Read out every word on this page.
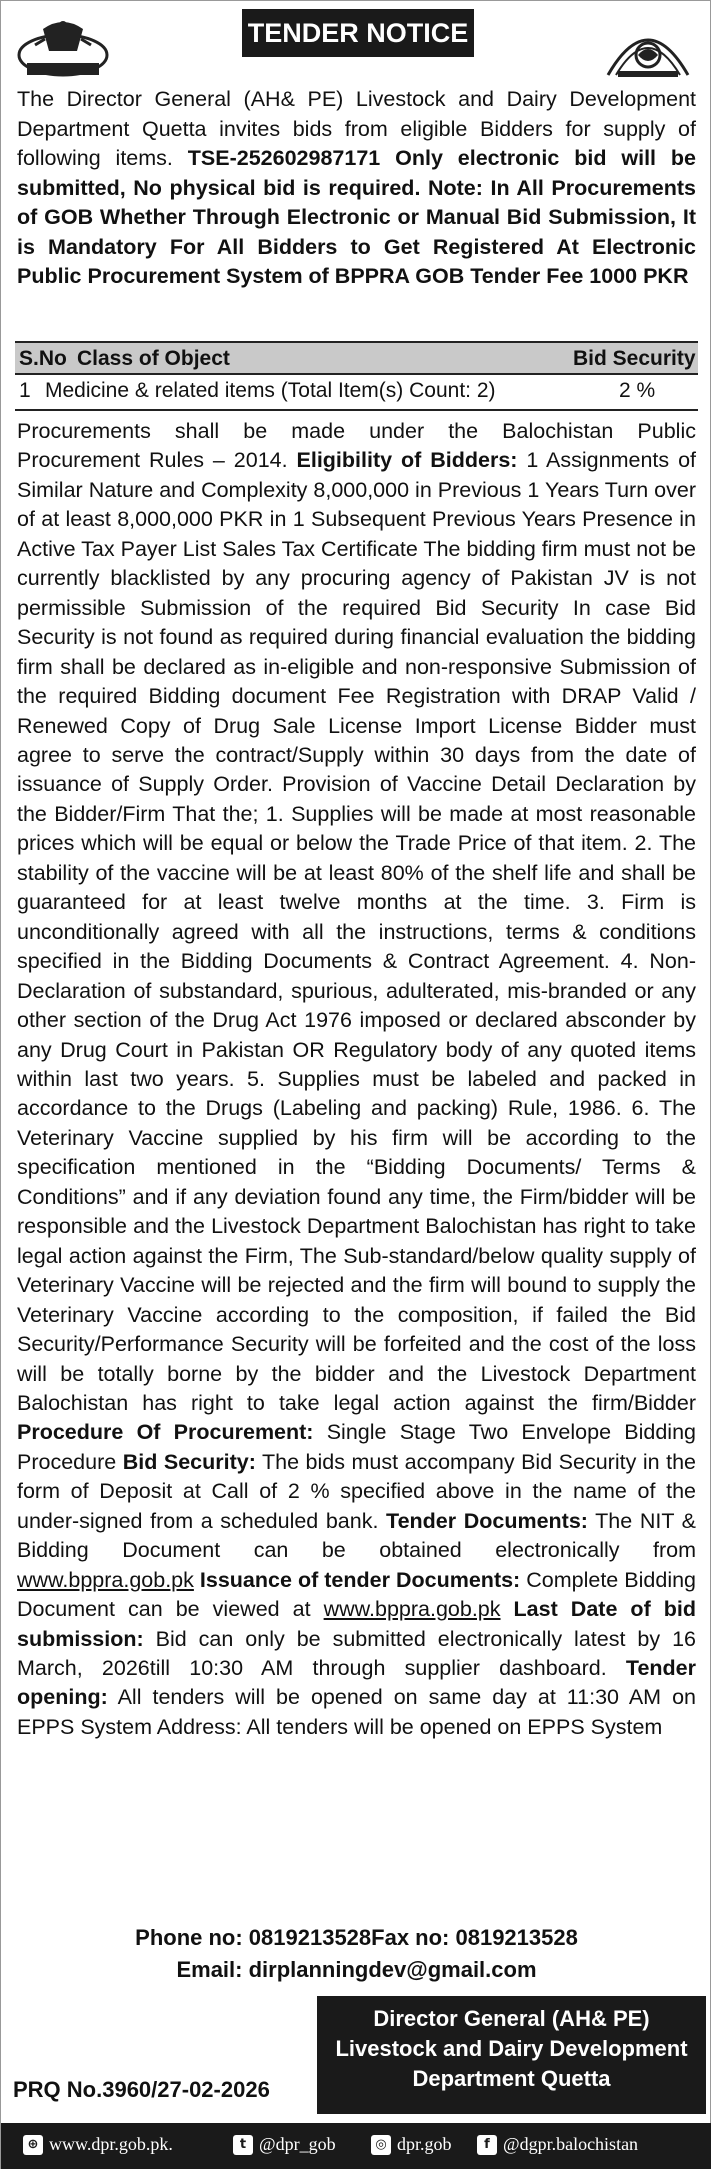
TENDER NOTICE

The Director General (AH& PE) Livestock and Dairy Development Department Quetta invites bids from eligible Bidders for supply of following items. TSE-252602987171 Only electronic bid will be submitted, No physical bid is required. Note: In All Procurements of GOB Whether Through Electronic or Manual Bid Submission, It is Mandatory For All Bidders to Get Registered At Electronic Public Procurement System of BPPRA GOB Tender Fee 1000 PKR

S.No Class of Object	Bid Security
1 Medicine & related items (Total Item(s) Count: 2)	2 %

Procurements shall be made under the Balochistan Public Procurement Rules – 2014. Eligibility of Bidders: 1 Assignments of Similar Nature and Complexity 8,000,000 in Previous 1 Years Turn over of at least 8,000,000 PKR in 1 Subsequent Previous Years Presence in Active Tax Payer List Sales Tax Certificate The bidding firm must not be currently blacklisted by any procuring agency of Pakistan JV is not permissible Submission of the required Bid Security In case Bid Security is not found as required during financial evaluation the bidding firm shall be declared as in-eligible and non-responsive Submission of the required Bidding document Fee Registration with DRAP Valid / Renewed Copy of Drug Sale License Import License Bidder must agree to serve the contract/Supply within 30 days from the date of issuance of Supply Order. Provision of Vaccine Detail Declaration by the Bidder/Firm That the; 1. Supplies will be made at most reasonable prices which will be equal or below the Trade Price of that item. 2. The stability of the vaccine will be at least 80% of the shelf life and shall be guaranteed for at least twelve months at the time. 3. Firm is unconditionally agreed with all the instructions, terms & conditions specified in the Bidding Documents & Contract Agreement. 4. Non-Declaration of substandard, spurious, adulterated, mis-branded or any other section of the Drug Act 1976 imposed or declared absconder by any Drug Court in Pakistan OR Regulatory body of any quoted items within last two years. 5. Supplies must be labeled and packed in accordance to the Drugs (Labeling and packing) Rule, 1986. 6. The Veterinary Vaccine supplied by his firm will be according to the specification mentioned in the “Bidding Documents/ Terms & Conditions” and if any deviation found any time, the Firm/bidder will be responsible and the Livestock Department Balochistan has right to take legal action against the Firm, The Sub-standard/below quality supply of Veterinary Vaccine will be rejected and the firm will bound to supply the Veterinary Vaccine according to the composition, if failed the Bid Security/Performance Security will be forfeited and the cost of the loss will be totally borne by the bidder and the Livestock Department Balochistan has right to take legal action against the firm/Bidder Procedure Of Procurement: Single Stage Two Envelope Bidding Procedure Bid Security: The bids must accompany Bid Security in the form of Deposit at Call of 2 % specified above in the name of the under-signed from a scheduled bank. Tender Documents: The NIT & Bidding Document can be obtained electronically from www.bppra.gob.pk Issuance of tender Documents: Complete Bidding Document can be viewed at www.bppra.gob.pk Last Date of bid submission: Bid can only be submitted electronically latest by 16 March, 2026till 10:30 AM through supplier dashboard. Tender opening: All tenders will be opened on same day at 11:30 AM on EPPS System Address: All tenders will be opened on EPPS System

Phone no: 0819213528Fax no: 0819213528
Email: dirplanningdev@gmail.com
Director General (AH& PE)
Livestock and Dairy Development
Department Quetta
PRQ No.3960/27-02-2026
⊕ www.dpr.gob.pk.	t @dpr_gob	◎ dpr.gob	f @dgpr.balochistan
